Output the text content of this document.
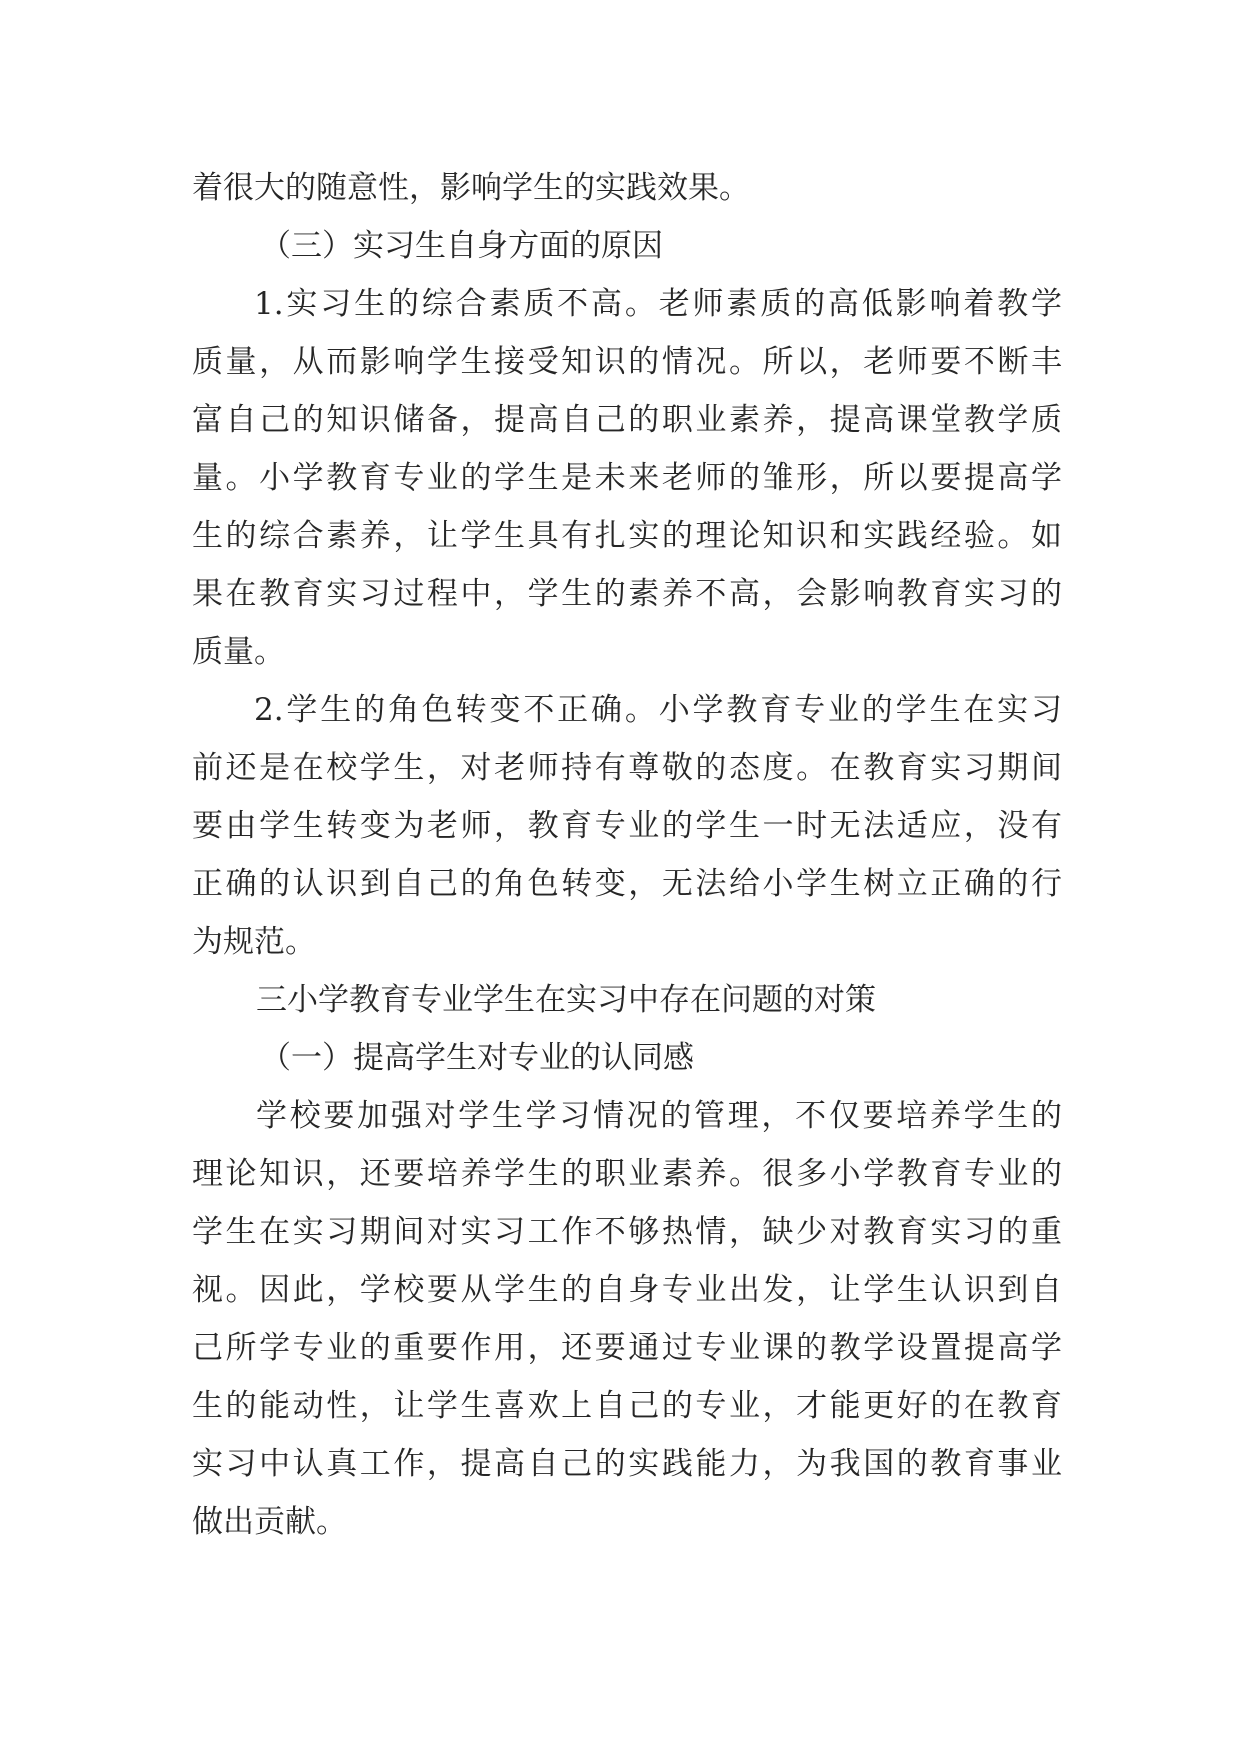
着很大的随意性，影响学生的实践效果。
（三）实习生自身方面的原因
1.实习生的综合素质不高。老师素质的高低影响着教学
质量，从而影响学生接受知识的情况。所以，老师要不断丰
富自己的知识储备，提高自己的职业素养，提高课堂教学质
量。小学教育专业的学生是未来老师的雏形，所以要提高学
生的综合素养，让学生具有扎实的理论知识和实践经验。如
果在教育实习过程中，学生的素养不高，会影响教育实习的
质量。
2.学生的角色转变不正确。小学教育专业的学生在实习
前还是在校学生，对老师持有尊敬的态度。在教育实习期间
要由学生转变为老师，教育专业的学生一时无法适应，没有
正确的认识到自己的角色转变，无法给小学生树立正确的行
为规范。
三小学教育专业学生在实习中存在问题的对策
（一）提高学生对专业的认同感
学校要加强对学生学习情况的管理，不仅要培养学生的
理论知识，还要培养学生的职业素养。很多小学教育专业的
学生在实习期间对实习工作不够热情，缺少对教育实习的重
视。因此，学校要从学生的自身专业出发，让学生认识到自
己所学专业的重要作用，还要通过专业课的教学设置提高学
生的能动性，让学生喜欢上自己的专业，才能更好的在教育
实习中认真工作，提高自己的实践能力，为我国的教育事业
做出贡献。
